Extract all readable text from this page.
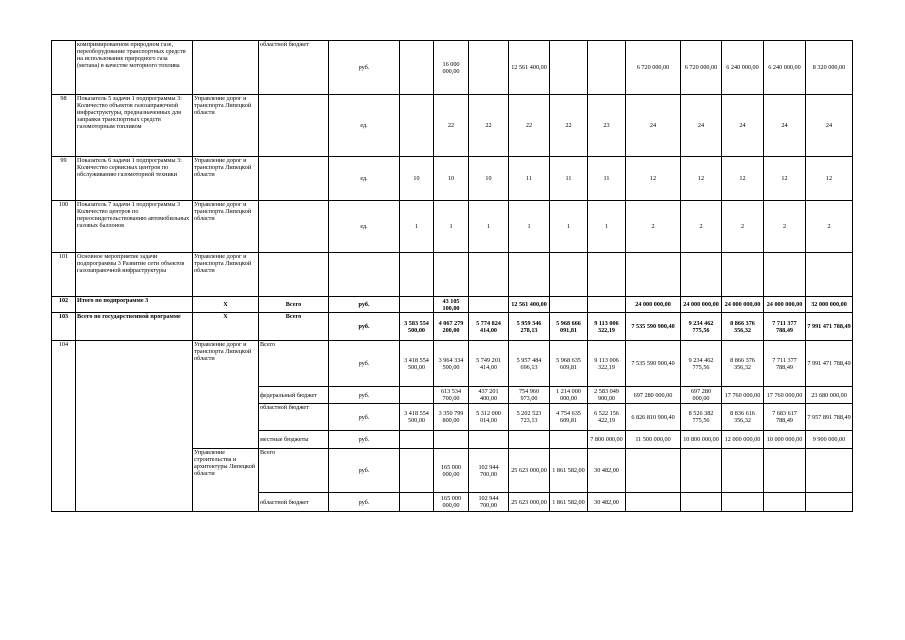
	компримированном природном газе, переоборудование транспортных средств на использование природного газа (метана) в качестве моторного топлива		областной бюджет	руб.		16 000 000,00		12 561 400,00			6 720 000,00	6 720 000,00	6 240 000,00	6 240 000,00	8 320 000,00
98	Показатель 5 задачи 1 подпрограммы 3: Количество объектов газозаправочной инфраструктуры, предназначенных для заправки транспортных средств газомоторным топливом	Управление дорог и транспорта Липецкой области		ед.		22	22	22	22	23	24	24	24	24	24
99	Показатель 6 задачи 1 подпрограммы 3: Количество сервисных центров по обслуживанию газомоторной техники	Управление дорог и транспорта Липецкой области		ед.	10	10	10	11	11	11	12	12	12	12	12
100	Показатель 7 задачи 1 подпрограммы 3 Количество центров по переосвидетельствованию автомобильных газовых баллонов	Управление дорог и транспорта Липецкой области		ед.	1	1	1	1	1	1	2	2	2	2	2
101	Основное мероприятие задачи подпрограммы 3 Развитие сети объектов газозаправочной инфраструктуры	Управление дорог и транспорта Липецкой области													
102	Итого по подпрограмме 3	Х	Всего	руб.		43 105 100,00		12 561 400,00			24 000 000,00	24 000 000,00	24 000 000,00	24 000 000,00	32 000 000,00
103	Всего по государственной программе	Х	Всего	руб.	3 583 554 500,00	4 067 279 200,00	5 774 824 414,00	5 959 346 278,13	5 968 666 091,81	9 113 006 322,19	7 535 590 900,40	9 234 462 775,56	8 866 376 356,32	7 711 377 788,49	7 991 471 788,49
104		Управление дорог и транспорта Липецкой области	Всего	руб.	3 418 554 500,00	3 964 334 500,00	5 749 201 414,00	5 957 484 696,13	5 968 635 609,81	9 113 006 322,19	7 535 590 900,40	9 234 462 775,56	8 866 376 356,32	7 711 377 788,49	7 991 471 788,49
			федеральный бюджет	руб.		613 534 700,00	437 201 400,00	754 960 973,00	1 214 000 000,00	2 583 049 900,00	697 280 000,00	697 280 000,00	17 760 000,00	17 760 000,00	23 680 000,00
			областной бюджет	руб.	3 418 554 500,00	3 350 799 800,00	5 312 000 014,00	5 202 523 723,13	4 754 635 609,81	6 522 156 422,19	6 826 810 900,40	8 526 382 775,56	8 836 616 356,32	7 683 617 788,49	7 957 891 788,49
			местные бюджеты	руб.						7 800 000,00	11 500 000,00	10 800 000,00	12 000 000,00	10 000 000,00	9 900 000,00
		Управление строительства и архитектуры Липецкой области	Всего	руб.		165 000 000,00	102 944 700,00	25 623 000,00	1 861 582,00	30 482,00					
			областной бюджет	руб.		165 000 000,00	102 944 700,00	25 623 000,00	1 861 582,00	30 482,00					
